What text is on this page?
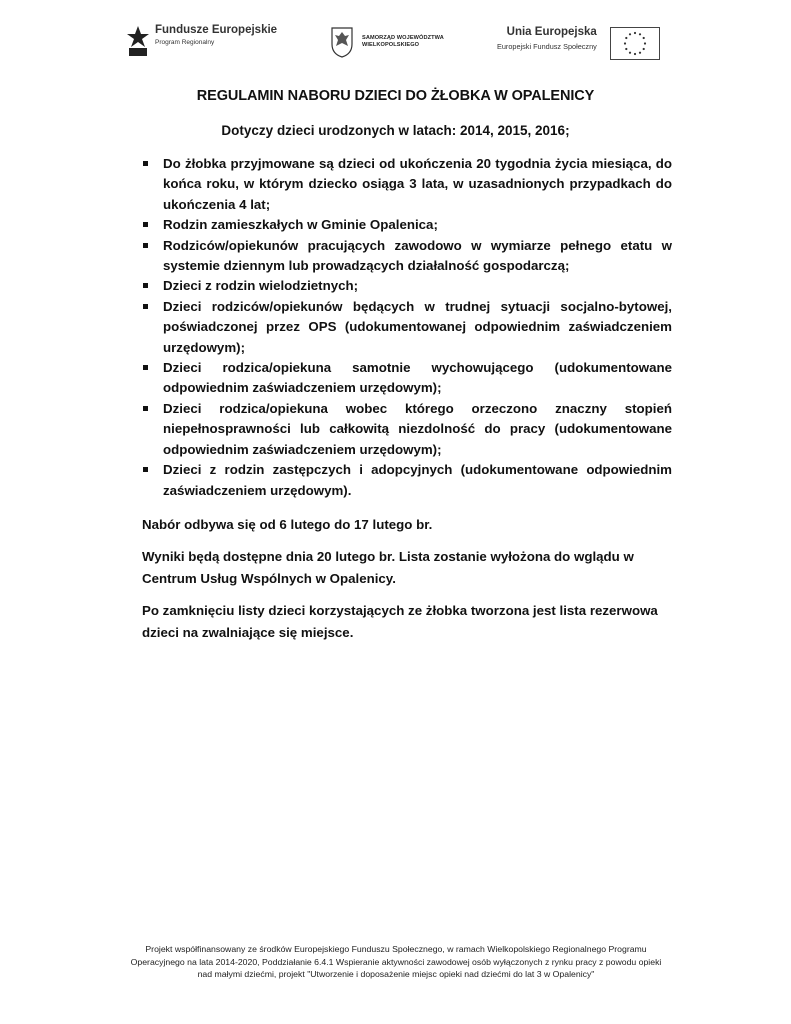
Fundusze Europejskie
Program Regionalny
SAMORZĄD WOJEWÓDZTWA
WIELKOPOLSKIEGO
Unia Europejska
Europejski Fundusz Społeczny
REGULAMIN NABORU DZIECI DO ŻŁOBKA W OPALENICY
Dotyczy dzieci urodzonych w latach: 2014, 2015, 2016;
Do żłobka przyjmowane są dzieci od ukończenia 20 tygodnia życia miesiąca, do końca roku, w którym dziecko osiąga 3 lata, w uzasadnionych przypadkach do ukończenia 4 lat;
Rodzin zamieszkałych w Gminie Opalenica;
Rodziców/opiekunów pracujących zawodowo w wymiarze pełnego etatu w systemie dziennym lub prowadzących działalność gospodarczą;
Dzieci z rodzin wielodzietnych;
Dzieci rodziców/opiekunów będących w trudnej sytuacji socjalno-bytowej, poświadczonej przez OPS (udokumentowanej odpowiednim zaświadczeniem urzędowym);
Dzieci rodzica/opiekuna samotnie wychowującego (udokumentowane odpowiednim zaświadczeniem urzędowym);
Dzieci rodzica/opiekuna wobec którego orzeczono znaczny stopień niepełnosprawności lub całkowitą niezdolność do pracy (udokumentowane odpowiednim zaświadczeniem urzędowym);
Dzieci z rodzin zastępczych i adopcyjnych (udokumentowane odpowiednim zaświadczeniem urzędowym).
Nabór odbywa się od 6 lutego do 17 lutego br.
Wyniki będą dostępne dnia 20 lutego br. Lista zostanie wyłożona do wglądu w Centrum Usług Wspólnych w Opalenicy.
Po zamknięciu listy dzieci korzystających ze żłobka tworzona jest lista rezerwowa dzieci na zwalniające się miejsce.
Projekt współfinansowany ze środków Europejskiego Funduszu Społecznego, w ramach Wielkopolskiego Regionalnego Programu Operacyjnego na lata 2014-2020, Poddziałanie 6.4.1 Wspieranie aktywności zawodowej osób wyłączonych z rynku pracy z powodu opieki nad małymi dziećmi, projekt "Utworzenie i doposażenie miejsc opieki nad dziećmi do lat 3 w Opalenicy"
